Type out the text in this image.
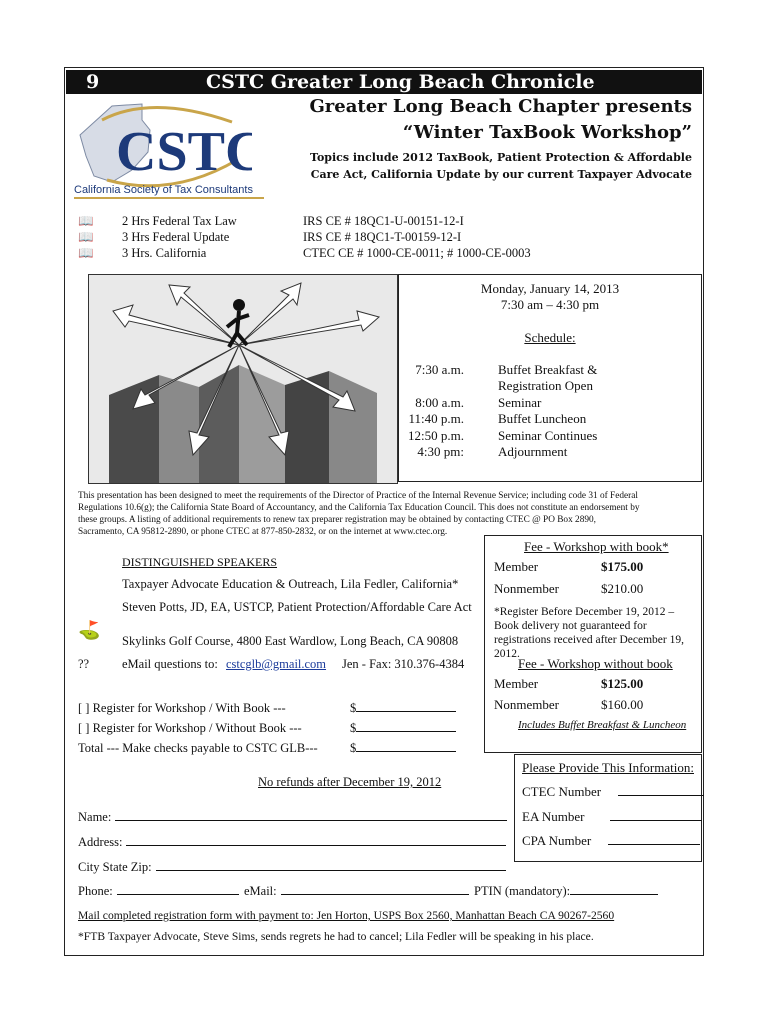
9	CSTC Greater Long Beach Chronicle
CSTC
California Society of Tax Consultants
Greater Long Beach Chapter presents
“Winter TaxBook Workshop”
Topics include 2012 TaxBook, Patient Protection & Affordable
Care Act, California Update by our current Taxpayer Advocate
📖 2 Hrs Federal Tax Law	IRS CE # 18QC1-U-00151-12-I
📖 3 Hrs Federal Update	IRS CE # 18QC1-T-00159-12-I
📖 3 Hrs. California	CTEC CE # 1000-CE-0011; # 1000-CE-0003
Monday, January 14, 2013
7:30 am – 4:30 pm
Schedule:
7:30 a.m.	Buffet Breakfast &
Registration Open
8:00 a.m.	Seminar
11:40 p.m.	Buffet Luncheon
12:50 p.m.	Seminar Continues
4:30 pm:	Adjournment
This presentation has been designed to meet the requirements of the Director of Practice of the Internal Revenue Service; including code 31 of Federal
Regulations 10.6(g); the California State Board of Accountancy, and the California Tax Education Council. This does not constitute an endorsement by
these groups. A listing of additional requirements to renew tax preparer registration may be obtained by contacting CTEC @ PO Box 2890,
Sacramento, CA 95812-2890, or phone CTEC at 877-850-2832, or on the internet at www.ctec.org.
Fee - Workshop with book*
Member	$175.00
Nonmember	$210.00
*Register Before December 19, 2012 – Book delivery not guaranteed for registrations received after December 19, 2012.
Fee - Workshop without book
Member	$125.00
Nonmember	$160.00
Includes Buffet Breakfast & Luncheon
DISTINGUISHED SPEAKERS
Taxpayer Advocate Education & Outreach, Lila Fedler, California*
Steven Potts, JD, EA, USTCP, Patient Protection/Affordable Care Act
⛳
Skylinks Golf Course, 4800 East Wardlow, Long Beach, CA 90808
??	eMail questions to: cstcglb@gmail.com Jen - Fax: 310.376-4384
[ ] Register for Workshop / With Book ---
[ ] Register for Workshop / Without Book ---
Total --- Make checks payable to CSTC GLB---
$
$
$
No refunds after December 19, 2012
Please Provide This Information:
CTEC Number
EA Number
CPA Number
Name:
Address:
City State Zip:
Phone:	eMail:	PTIN (mandatory):
Mail completed registration form with payment to: Jen Horton, USPS Box 2560, Manhattan Beach CA 90267-2560
*FTB Taxpayer Advocate, Steve Sims, sends regrets he had to cancel; Lila Fedler will be speaking in his place.
